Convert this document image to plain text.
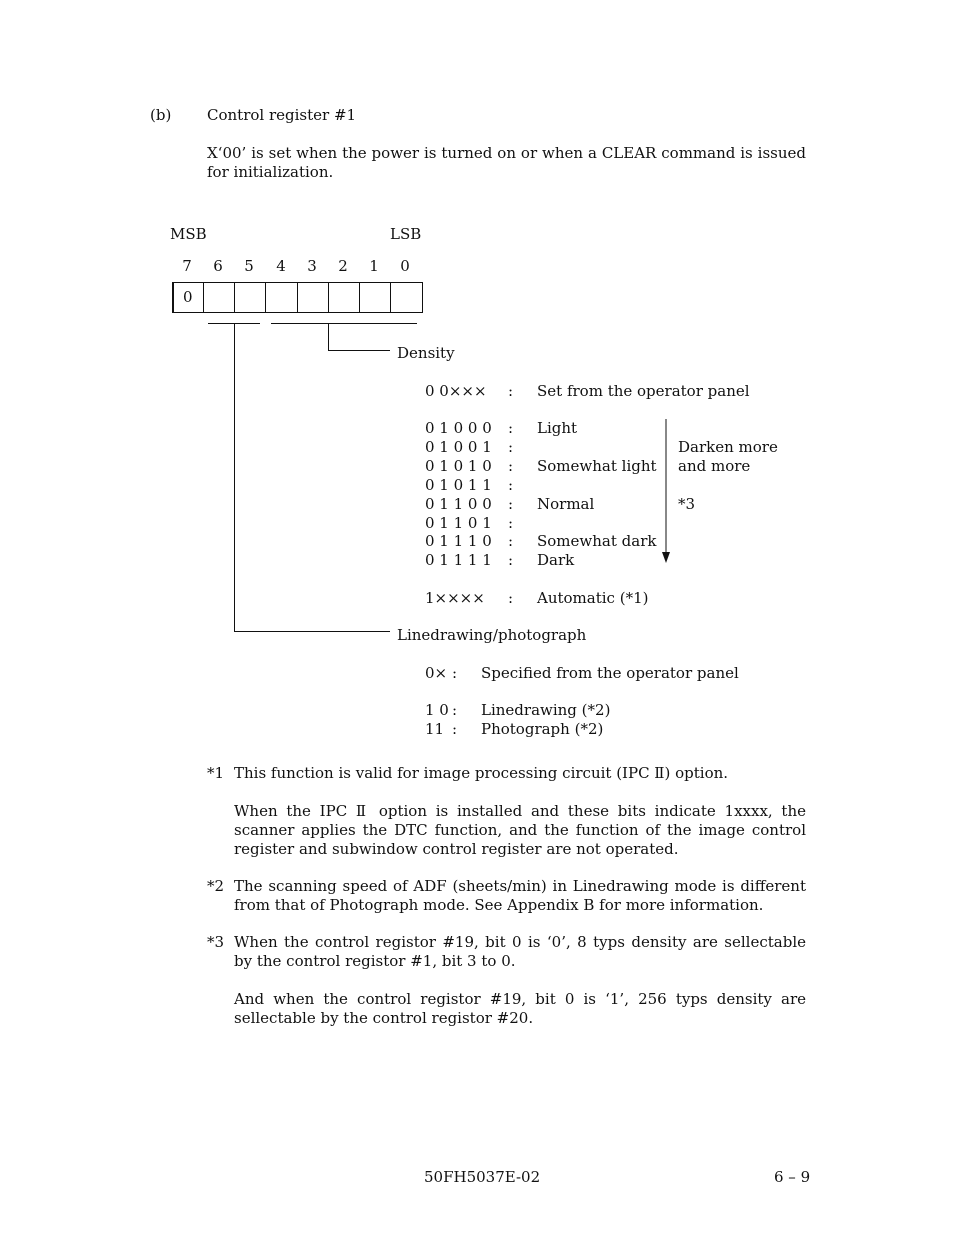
(b) Control register #1
X‘00’ is set when the power is turned on or when a CLEAR command is issued for initialization.
MSB	LSB
7 6 5 4 3 2 1 0
0
Density
0 0××× : Set from the operator panel
0 1 0 0 0 : Light
0 1 0 0 1 :
0 1 0 1 0 : Somewhat light
0 1 0 1 1 :
0 1 1 0 0 : Normal
0 1 1 0 1 :
0 1 1 1 0 : Somewhat dark
0 1 1 1 1 : Dark
Darken more
and more
*3
1×××× : Automatic (*1)
Linedrawing/photograph
0× : Specified from the operator panel
1 0 : Linedrawing (*2)
11 : Photograph (*2)
*1 This function is valid for image processing circuit (IPC Ⅱ) option.
When the IPC Ⅱ option is installed and these bits indicate 1xxxx, the scanner applies the DTC function, and the function of the image control register and subwindow control register are not operated.
*2 The scanning speed of ADF (sheets/min) in Linedrawing mode is different from that of Photograph mode. See Appendix B for more information.
*3 When the control registor #19, bit 0 is ‘0’, 8 typs density are sellectable by the control registor #1, bit 3 to 0.
And when the control registor #19, bit 0 is ‘1’, 256 typs density are sellectable by the control registor #20.
50FH5037E-02	6 – 9
